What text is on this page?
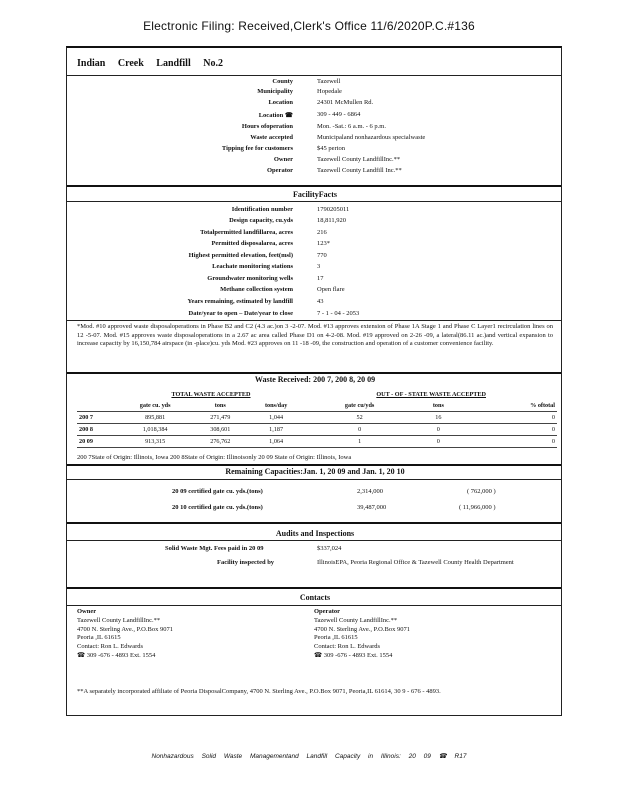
Electronic Filing: Received,Clerk's Office 11/6/2020P.C.#136
Indian Creek Landfill No.2
County	Tazewell
Municipality	Hopedale
Location	24301 McMullen Rd.
Location ☎	309 - 449 - 6864
Hours ofoperation	Mon. -Sat.: 6 a.m. - 6 p.m.
Waste accepted	Municipaland nonhazardous specialwaste
Tipping fee for customers	$45 perton
Owner	Tazewell County LandfillInc.**
Operator	Tazewell County Landfill Inc.**
FacilityFacts
Identification number	1790205011
Design capacity, cu.yds	18,811,920
Totalpermitted landfillarea, acres	216
Permitted disposalarea, acres	123*
Highest permitted elevation, feet(msl)	770
Leachate monitoring stations	3
Groundwater monitoring wells	17
Methane collection system	Open flare
Years remaining, estimated by landfill	43
Date/year to open – Date/year to close	7 - 1 - 04 - 2053
*Mod. #10 approved waste disposaloperations in Phase B2 and C2 (4.3 ac.)on 3 -2-07. Mod. #13 approves extension of Phase 1A Stage 1 and Phase C Layer1 recirculation lines on 12 -5-07. Mod. #15 approves waste disposaloperations in a 2.67 ac area called Phase D1 on 4-2-08. Mod. #19 approved on 2-26 -09, a lateral(86.11 ac.)and vertical expansion to increase capacity by 16,150,784 airspace (in -place)cu. yds Mod. #23 approves on 11 -18 -09, the construction and operation of a customer convenience facility.
Waste Received: 200 7, 200 8, 20 09
	TOTAL WASTE ACCEPTED			OUT - OF - STATE WASTE ACCEPTED		
	gate cu. yds	tons	tons/day	gate cu/yds	tons	% oftotal
200 7	895,881	271,479	1,044	52	16	0
200 8	1,018,384	308,601	1,187	0	0	0
20 09	913,315	276,762	1,064	1	0	0
200 7State of Origin: Illinois, Iowa 200 8State of Origin: Illinoisonly 20 09 State of Origin: Illinois, Iowa
Remaining Capacities:Jan. 1, 20 09 and Jan. 1, 20 10
20 09 certified gate cu. yds.(tons)	2,314,000	( 762,000 )
20 10 certified gate cu. yds.(tons)	39,487,000	( 11,966,000 )
Audits and Inspections
Solid Waste Mgt. Fees paid in 20 09	$337,024
Facility inspected by	IllinoisEPA, Peoria Regional Office & Tazewell County Health Department
Contacts
Owner
Tazewell County LandfillInc.**
4700 N. Sterling Ave., P.O.Box 9071
Peoria ,IL 61615
Contact: Ron L. Edwards
☎ 309 -676 - 4893 Ext. 1554
Operator
Tazewell County LandfillInc.**
4700 N. Sterling Ave., P.O.Box 9071
Peoria ,IL 61615
Contact: Ron L. Edwards
☎ 309 -676 - 4893 Ext. 1554
**A separately incorporated affiliate of Peoria DisposalCompany, 4700 N. Sterling Ave., P.O.Box 9071, Peoria,IL 61614, 30 9 - 676 - 4893.
Nonhazardous Solid Waste Managementand Landfill Capacity in Illinois: 20 09 ☎ R17
